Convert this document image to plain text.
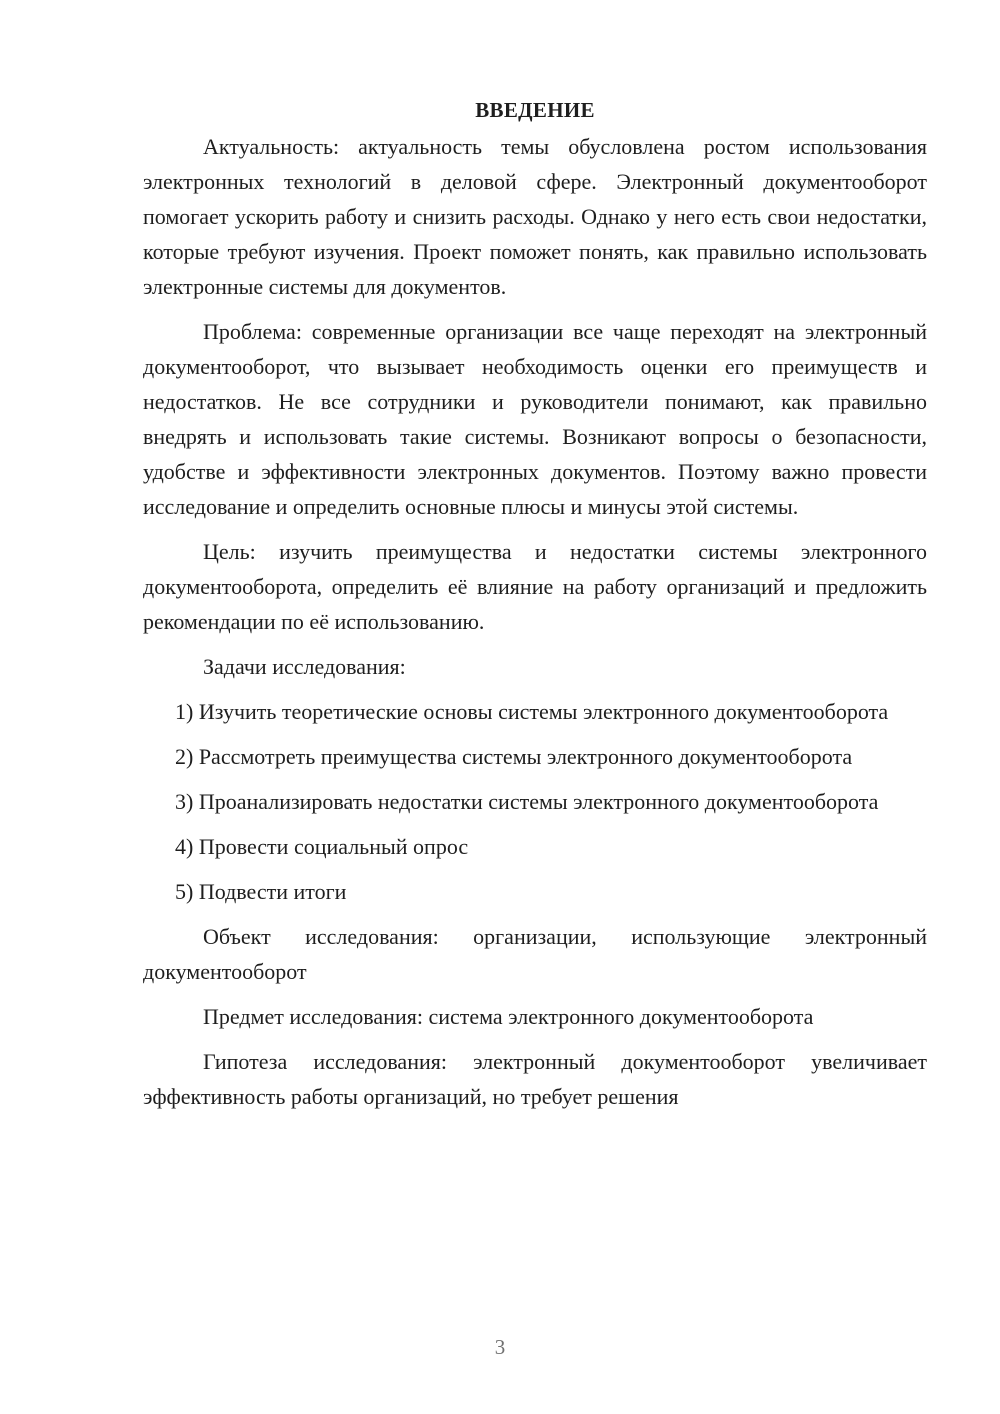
ВВЕДЕНИЕ
Актуальность: актуальность темы обусловлена ростом использования электронных технологий в деловой сфере. Электронный документооборот помогает ускорить работу и снизить расходы. Однако у него есть свои недостатки, которые требуют изучения. Проект поможет понять, как правильно использовать электронные системы для документов.
Проблема: современные организации все чаще переходят на электронный документооборот, что вызывает необходимость оценки его преимуществ и недостатков. Не все сотрудники и руководители понимают, как правильно внедрять и использовать такие системы. Возникают вопросы о безопасности, удобстве и эффективности электронных документов. Поэтому важно провести исследование и определить основные плюсы и минусы этой системы.
Цель: изучить преимущества и недостатки системы электронного документооборота, определить её влияние на работу организаций и предложить рекомендации по её использованию.
Задачи исследования:
1) Изучить теоретические основы системы электронного документооборота
2) Рассмотреть преимущества системы электронного документооборота
3) Проанализировать недостатки системы электронного документооборота
4) Провести социальный опрос
5) Подвести итоги
Объект исследования: организации, использующие электронный документооборот
Предмет исследования: система электронного документооборота
Гипотеза исследования: электронный документооборот увеличивает эффективность работы организаций, но требует решения
3
